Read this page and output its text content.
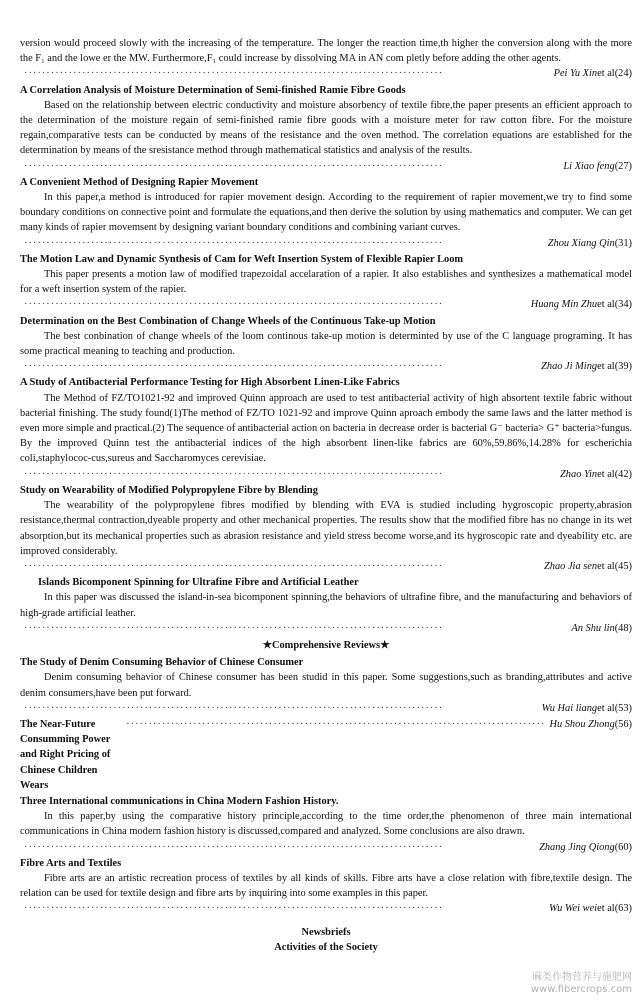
version would proceed slowly with the increasing of the temperature. The longer the reaction time,th higher the conversion along with the more the F₁ and the lowe er the MW. Furthermore,F₁ could increase by dissolving MA in AN com pletly before adding the other agents.
······························································································	Pei Yu Xin et al(24)
A Correlation Analysis of Moisture Determination of Semi-finished Ramie Fibre Goods
Based on the relationship between electric conductivity and moisture absorbency of textile fibre,the paper presents an efficient approach to the determination of the moisture regain of semi-finished ramie fibre goods with a moisture meter for raw cotton fibre. For the moisture regain,comparative tests can be conducted by means of the resistance and the oven method. The correlation equations are established for the determination by means of the sresistance method through mathematical statistics and analysis of the results.
······························································································	Li Xiao feng (27)
A Convenient Method of Designing Rapier Movement
In this paper,a method is introduced for rapier movement design. According to the requirement of rapier movement,we try to find some boundary conditions on connective point and formulate the equations,and then derive the solution by using mathematics and computer. We can get many kinds of rapier movemsent by designing variant boundary conditions and combining variant curves.
······························································································	Zhou Xiang Qin (31)
The Motion Law and Dynamic Synthesis of Cam for Weft Insertion System of Flexible Rapier Loom
This paper presents a motion law of modified trapezoidal accelaration of a rapier. It also establishes and synthesizes a mathematical model for a weft insertion system of the rapier.
······························································································	Huang Min Zhu et al(34)
Determination on the Best Combination of Change Wheels of the Continuous Take-up Motion
The best conbination of change wheels of the loom continous take-up motion is determinted by use of the C language programing. It has some practical meaning to teaching and production.
······························································································	Zhao Ji Ming et al(39)
A Study of Antibacterial Performance Testing for High Absorbent Linen-Like Fabrics
The Method of FZ/TO1021-92 and improved Quinn approach are used to test antibacterial activity of high absortent textile fabric without bacterial finishing. The study found(1)The method of FZ/TO 1021-92 and improve Quinn aproach embody the same laws and the latter method is even more simple and practical.(2) The sequence of antibacterial action on bacteria in decrease order is bacterial G⁻ bacteria> G⁺ bacteria>fungus. By the improved Quinn test the antibacterial indices of the high absorbent linen-like fabrics are 60%,59.86%,14.28% for escherichia coli,staphylococ-cus,sureus and Saccharomyces cerevisiae.
······························································································	Zhao Yin et al(42)
Study on Wearability of Modified Polypropylene Fibre by Blending
The wearability of the polypropylene fibres modified by blending with EVA is studied including hygroscopic property,abrasion resistance,thermal contraction,dyeable property and other mechanical properties. The results show that the modified fibre has no change in its wet absorption,but its mechanical properties such as abrasion resistance and yield stress become worse,and its hygroscopic rate and dyeability etc. are improved considerably.
······························································································	Zhao Jia sen et al(45)
Islands Bicomponent Spinning for Ultrafine Fibre and Artificial Leather
In this paper was discussed the island-in-sea bicomponent spinning,the behaviors of ultrafine fibre, and the manufacturing and behaviors of high-grade artificial leather.
······························································································	An Shu lin (48)
★Comprehensive Reviews★
The Study of Denim Consuming Behavior of Chinese Consumer
Denim consuming behavior of Chinese consumer has been studid in this paper. Some suggestions,such as branding,attributes and active denim consumers,have been put forward.
······························································································	Wu Hai liang et al(53)
The Near-Future Consumming Power and Right Pricing of Chinese Children Wears
······························································································ Hu Shou Zhong (56)
Three International communications in China Modern Fashion History.
In this paper,by using the comparative history principle,according to the time order,the phenomenon of three main international communications in China modern fashion history is discussed,compared and analyzed. Some conclusions are also drawn.
······························································································	Zhang Jing Qiong (60)
Fibre Arts and Textiles
Fibre arts are an artistic recreation process of textiles by all kinds of skills. Fibre arts have a close relation with fibre,textile design. The relation can be used for textile design and fibre arts by inquiring into some examples in this paper.
······························································································	Wu Wei wei et al(63)
Newsbriefs
Activities of the Society
麻类作物营养与施肥网
www.fibercrops.com
